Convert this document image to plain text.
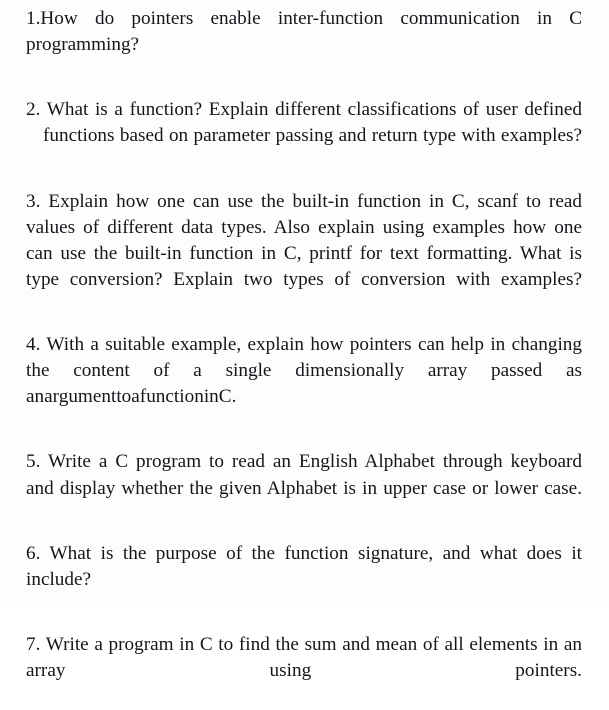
1.How do pointers enable inter-function communication in C programming?
2. What is a function? Explain different classifications of user defined functions based on parameter passing and return type with examples?
3. Explain how one can use the built-in function in C, scanf to read values of different data types. Also explain using examples how one can use the built-in function in C, printf for text formatting. What is type conversion? Explain two types of conversion with examples?
4. With a suitable example, explain how pointers can help in changing the content of a single dimensionally array passed as anargumenttoafunctioninC.
5. Write a C program to read an English Alphabet through keyboard and display whether the given Alphabet is in upper case or lower case.
6. What is the purpose of the function signature, and what does it include?
7. Write a program in C to find the sum and mean of all elements in an array using pointers.
